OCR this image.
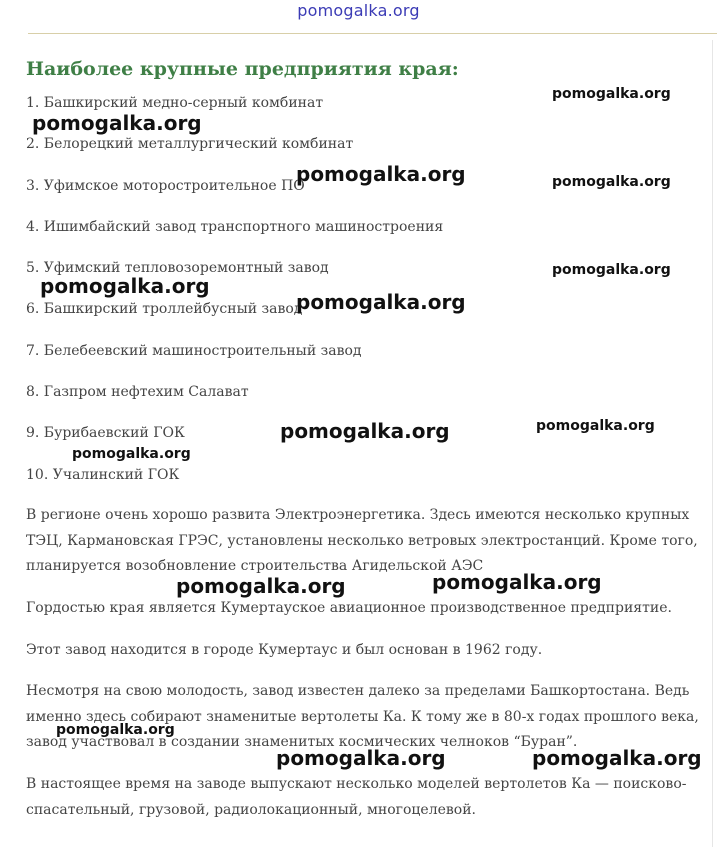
pomogalka.org
Наиболее крупные предприятия края:
1. Башкирский медно-серный комбинат
2. Белорецкий металлургический комбинат
3. Уфимское моторостроительное ПО
4. Ишимбайский завод транспортного машиностроения
5. Уфимский тепловозоремонтный завод
6. Башкирский троллейбусный завод
7. Белебеевский машиностроительный завод
8. Газпром нефтехим Салават
9. Бурибаевский ГОК
10. Учалинский ГОК

В регионе очень хорошо развита Электроэнергетика. Здесь имеются несколько крупных
ТЭЦ, Кармановская ГРЭС, установлены несколько ветровых электростанций. Кроме того,
планируется возобновление строительства Агидельской АЭС

Гордостью края является Кумертауское авиационное производственное предприятие.

Этот завод находится в городе Кумертаус и был основан в 1962 году.

Несмотря на свою молодость, завод известен далеко за пределами Башкортостана. Ведь
именно здесь собирают знаменитые вертолеты Ка. К тому же в 80-х годах прошлого века,
завод участвовал в создании знаменитых космических челноков “Буран”.

В настоящее время на заводе выпускают несколько моделей вертолетов Ка — поисково-
спасательный, грузовой, радиолокационный, многоцелевой.

pomogalka.org
pomogalka.org
pomogalka.org	pomogalka.org
pomogalka.org
pomogalka.org
pomogalka.org
pomogalka.org
pomogalka.org
pomogalka.org
pomogalka.org	pomogalka.org
pomogalka.org
pomogalka.org	pomogalka.org
